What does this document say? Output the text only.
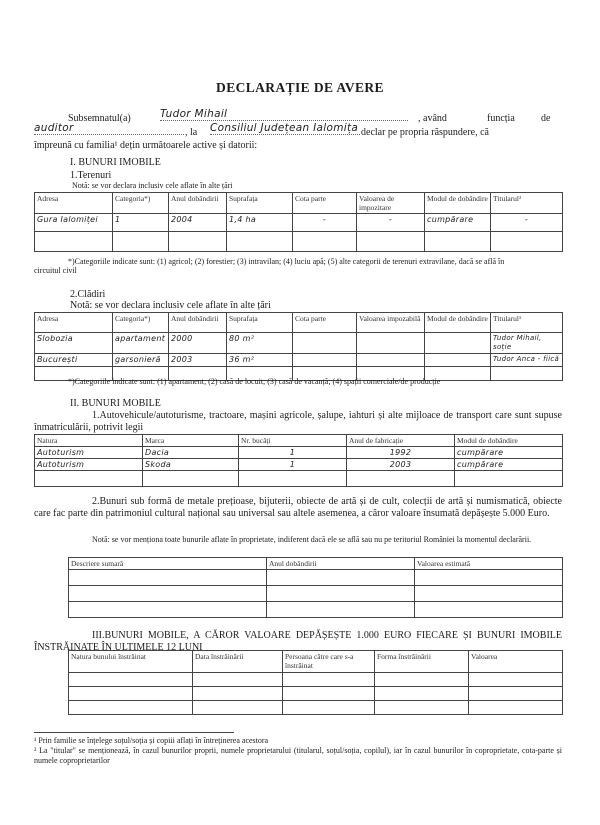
DECLARAȚIE DE AVERE
Subsemnatul(a)	Tudor Mihail	, având	funcția	de
auditor	, la Consiliul Județean Ialomița declar pe propria răspundere, că
împreună cu familia¹ dețin următoarele active și datorii:
I. BUNURI IMOBILE
1.Terenuri
Notă: se vor declara inclusiv cele aflate în alte țări
Adresa	Categoria*)	Anul dobândirii	Suprafața	Cota parte	Valoarea de impozitare	Modul de dobândire	Titularul²
Gura Ialomiței	1	2004	1,4 ha	-	-	cumpărare	-

*)Categoriile indicate sunt: (1) agricol; (2) forestier; (3) intravilan; (4) luciu apă; (5) alte categorii de terenuri extravilane, dacă se află în
circuitul civil
2.Clădiri
Notă: se vor declara inclusiv cele aflate în alte țări
Adresa	Categoria*)	Anul dobândirii	Suprafața	Cota parte	Valoarea impozabilă	Modul de dobândire	Titularul¹
Slobozia	apartament	2000	80 m²				Tudor Mihail, soție
București	garsonieră	2003	36 m²				Tudor Anca - fiică

*)Categoriile indicate sunt: (1) apartament; (2) casă de locuit; (3) casă de vacanță; (4) spații comerciale/de producție
II. BUNURI MOBILE
1.Autovehicule/autoturisme, tractoare, mașini agricole, șalupe, iahturi și alte mijloace de transport care sunt supuse înmatriculării, potrivit legii
Natura	Marca	Nr. bucăți	Anul de fabricație	Modul de dobândire
Autoturism	Dacia	1	1992	cumpărare
Autoturism	Skoda	1	2003	cumpărare

2.Bunuri sub formă de metale prețioase, bijuterii, obiecte de artă și de cult, colecții de artă și numismatică, obiecte care fac parte din patrimoniul cultural național sau universal sau altele asemenea, a căror valoare însumată depășește 5.000 Euro.
Notă: se vor menționa toate bunurile aflate în proprietate, indiferent dacă ele se află sau nu pe teritoriul României la momentul declarării.
Descriere sumară	Anul dobândirii	Valoarea estimată

III.BUNURI MOBILE, A CĂROR VALOARE DEPĂȘEȘTE 1.000 EURO FIECARE ȘI BUNURI IMOBILE ÎNSTRĂINATE ÎN ULTIMELE 12 LUNI
Natura bunului înstrăinat	Data înstrăinării	Persoana către care s-a înstrăinat	Forma înstrăinării	Valoarea

¹ Prin familie se înțelege soțul/soția și copiii aflați în întreținerea acestora
² La "titular" se menționează, în cazul bunurilor proprii, numele proprietarului (titularul, soțul/soția, copilul), iar în cazul bunurilor în coproprietate, cota-parte și numele coproprietarilor
